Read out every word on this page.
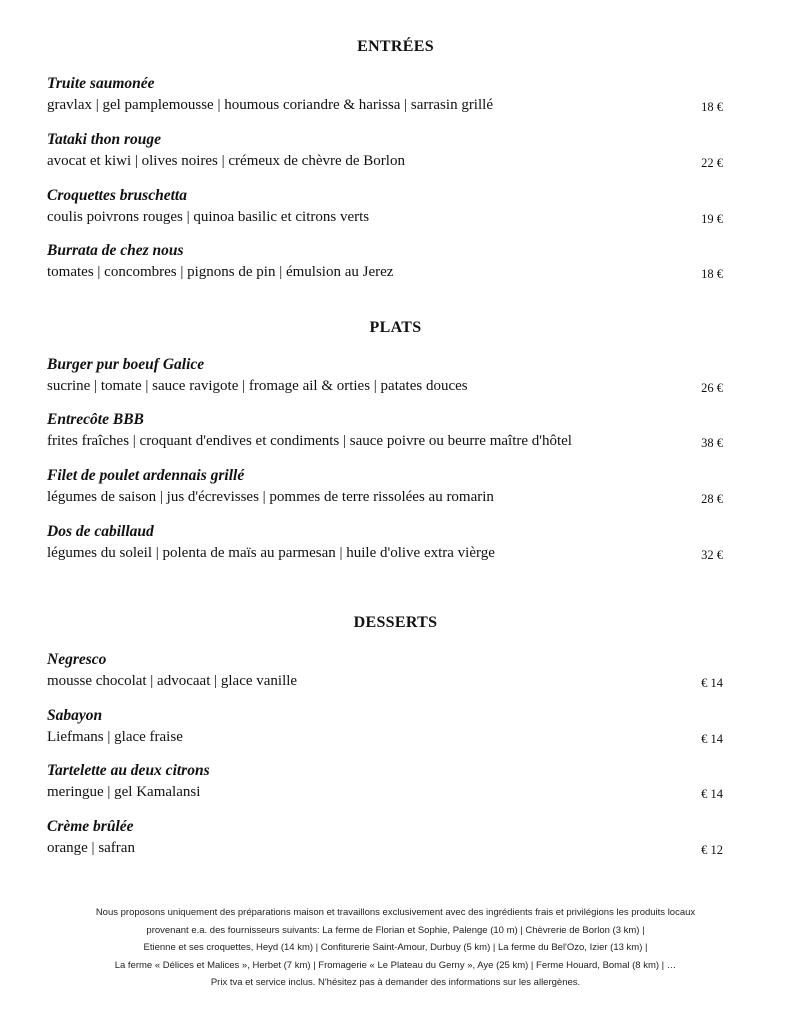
ENTRÉES
Truite saumonée
gravlax | gel pamplemousse | houmous coriandre & harissa | sarrasin grillé	18 €
Tataki thon rouge
avocat et kiwi | olives noires | crémeux de chèvre de Borlon	22 €
Croquettes bruschetta
coulis poivrons rouges | quinoa basilic et citrons verts	19 €
Burrata de chez nous
tomates | concombres | pignons de pin | émulsion au Jerez	18 €
PLATS
Burger pur boeuf Galice
sucrine | tomate | sauce ravigote | fromage ail & orties | patates douces	26 €
Entrecôte BBB
frites fraîches | croquant d'endives et condiments | sauce poivre ou beurre maître d'hôtel	38 €
Filet de poulet ardennais grillé
légumes de saison | jus d'écrevisses | pommes de terre rissolées au romarin	28 €
Dos de cabillaud
légumes du soleil | polenta de maïs au parmesan | huile d'olive extra vièrge	32 €
DESSERTS
Negresco
mousse chocolat | advocaat | glace vanille	€ 14
Sabayon
Liefmans | glace fraise	€ 14
Tartelette au deux citrons
meringue | gel Kamalansi	€ 14
Crème brûlée
orange | safran	€ 12
Nous proposons uniquement des préparations maison et travaillons exclusivement avec des ingrédients frais et privilégions les produits locaux
provenant e.a. des fournisseurs suivants: La ferme de Florian et Sophie, Palenge (10 m) | Chèvrerie de Borlon (3 km) |
Etienne et ses croquettes, Heyd (14 km) | Confiturerie Saint-Amour, Durbuy (5 km) | La ferme du Bel'Ozo, Izier (13 km) |
La ferme « Délices et Malices », Herbet (7 km) | Fromagerie « Le Plateau du Gerny », Aye (25 km) | Ferme Houard, Bomal (8 km) | …
Prix tva et service inclus. N'hésitez pas à demander des informations sur les allergènes.
